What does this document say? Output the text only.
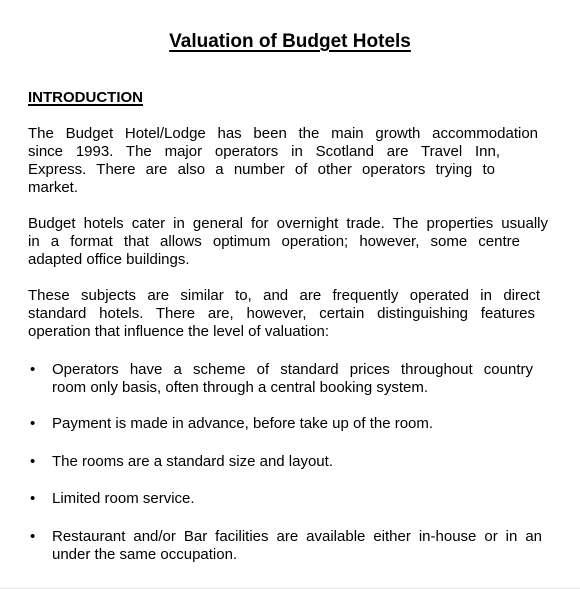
Valuation of Budget Hotels
INTRODUCTION

The Budget Hotel/Lodge has been the main growth accommodation
since 1993. The major operators in Scotland are Travel Inn,
Express. There are also a number of other operators trying to
market.

Budget hotels cater in general for overnight trade. The properties usually
in a format that allows optimum operation; however, some centre
adapted office buildings.

These subjects are similar to, and are frequently operated in direct
standard hotels. There are, however, certain distinguishing features
operation that influence the level of valuation:

•	Operators have a scheme of standard prices throughout country
room only basis, often through a central booking system.
•	Payment is made in advance, before take up of the room.
•	The rooms are a standard size and layout.
•	Limited room service.
•	Restaurant and/or Bar facilities are available either in-house or in an
under the same occupation.
